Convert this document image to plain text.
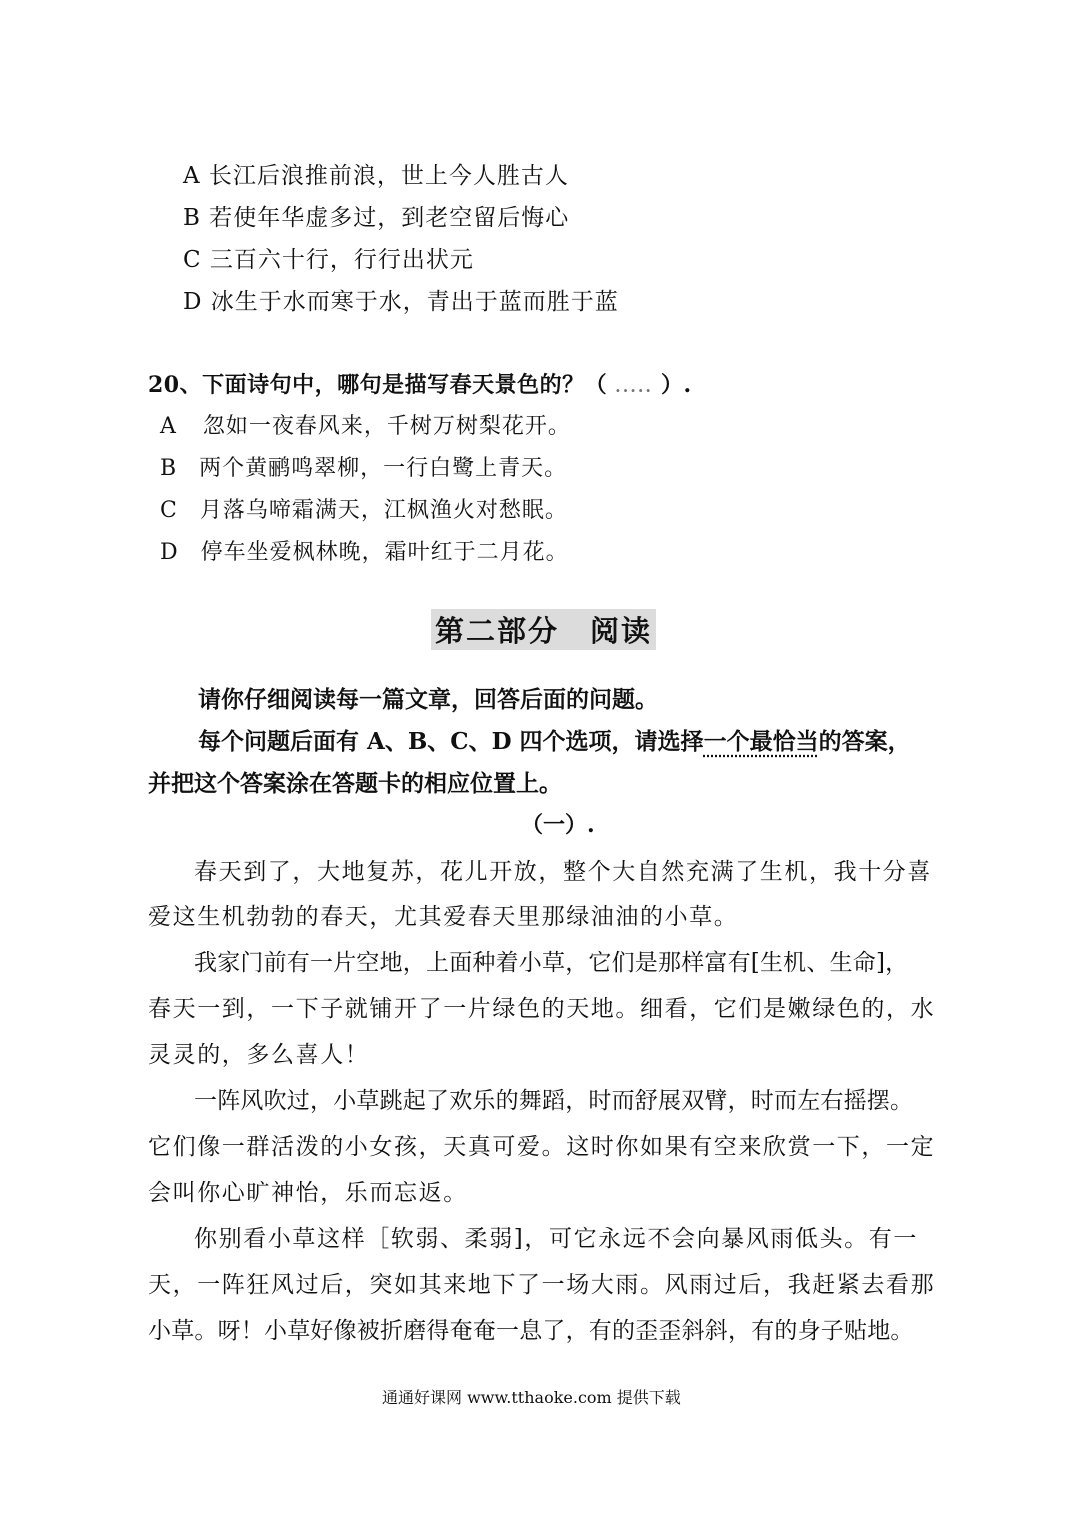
A 长江后浪推前浪，世上今人胜古人
B 若使年华虚多过，到老空留后悔心
C 三百六十行，行行出状元
D 冰生于水而寒于水，青出于蓝而胜于蓝
20、下面诗句中，哪句是描写春天景色的？（ ..... ）.
A 忽如一夜春风来，千树万树梨花开。
B 两个黄鹂鸣翠柳，一行白鹭上青天。
C 月落乌啼霜满天，江枫渔火对愁眠。
D 停车坐爱枫林晚，霜叶红于二月花。
第二部分　阅读
请你仔细阅读每一篇文章，回答后面的问题。
每个问题后面有 A、B、C、D 四个选项，请选择一个最恰当的答案，
并把这个答案涂在答题卡的相应位置上。
（一）.
春天到了，大地复苏，花儿开放，整个大自然充满了生机，我十分喜
爱这生机勃勃的春天，尤其爱春天里那绿油油的小草。
我家门前有一片空地，上面种着小草，它们是那样富有[生机、生命]，
春天一到，一下子就铺开了一片绿色的天地。细看，它们是嫩绿色的，水
灵灵的，多么喜人！
一阵风吹过，小草跳起了欢乐的舞蹈，时而舒展双臂，时而左右摇摆。
它们像一群活泼的小女孩，天真可爱。这时你如果有空来欣赏一下，一定
会叫你心旷神怡，乐而忘返。
你别看小草这样［软弱、柔弱]，可它永远不会向暴风雨低头。有一
天，一阵狂风过后，突如其来地下了一场大雨。风雨过后，我赶紧去看那
小草。呀！小草好像被折磨得奄奄一息了，有的歪歪斜斜，有的身子贴地。
通通好课网 www.tthaoke.com 提供下载
